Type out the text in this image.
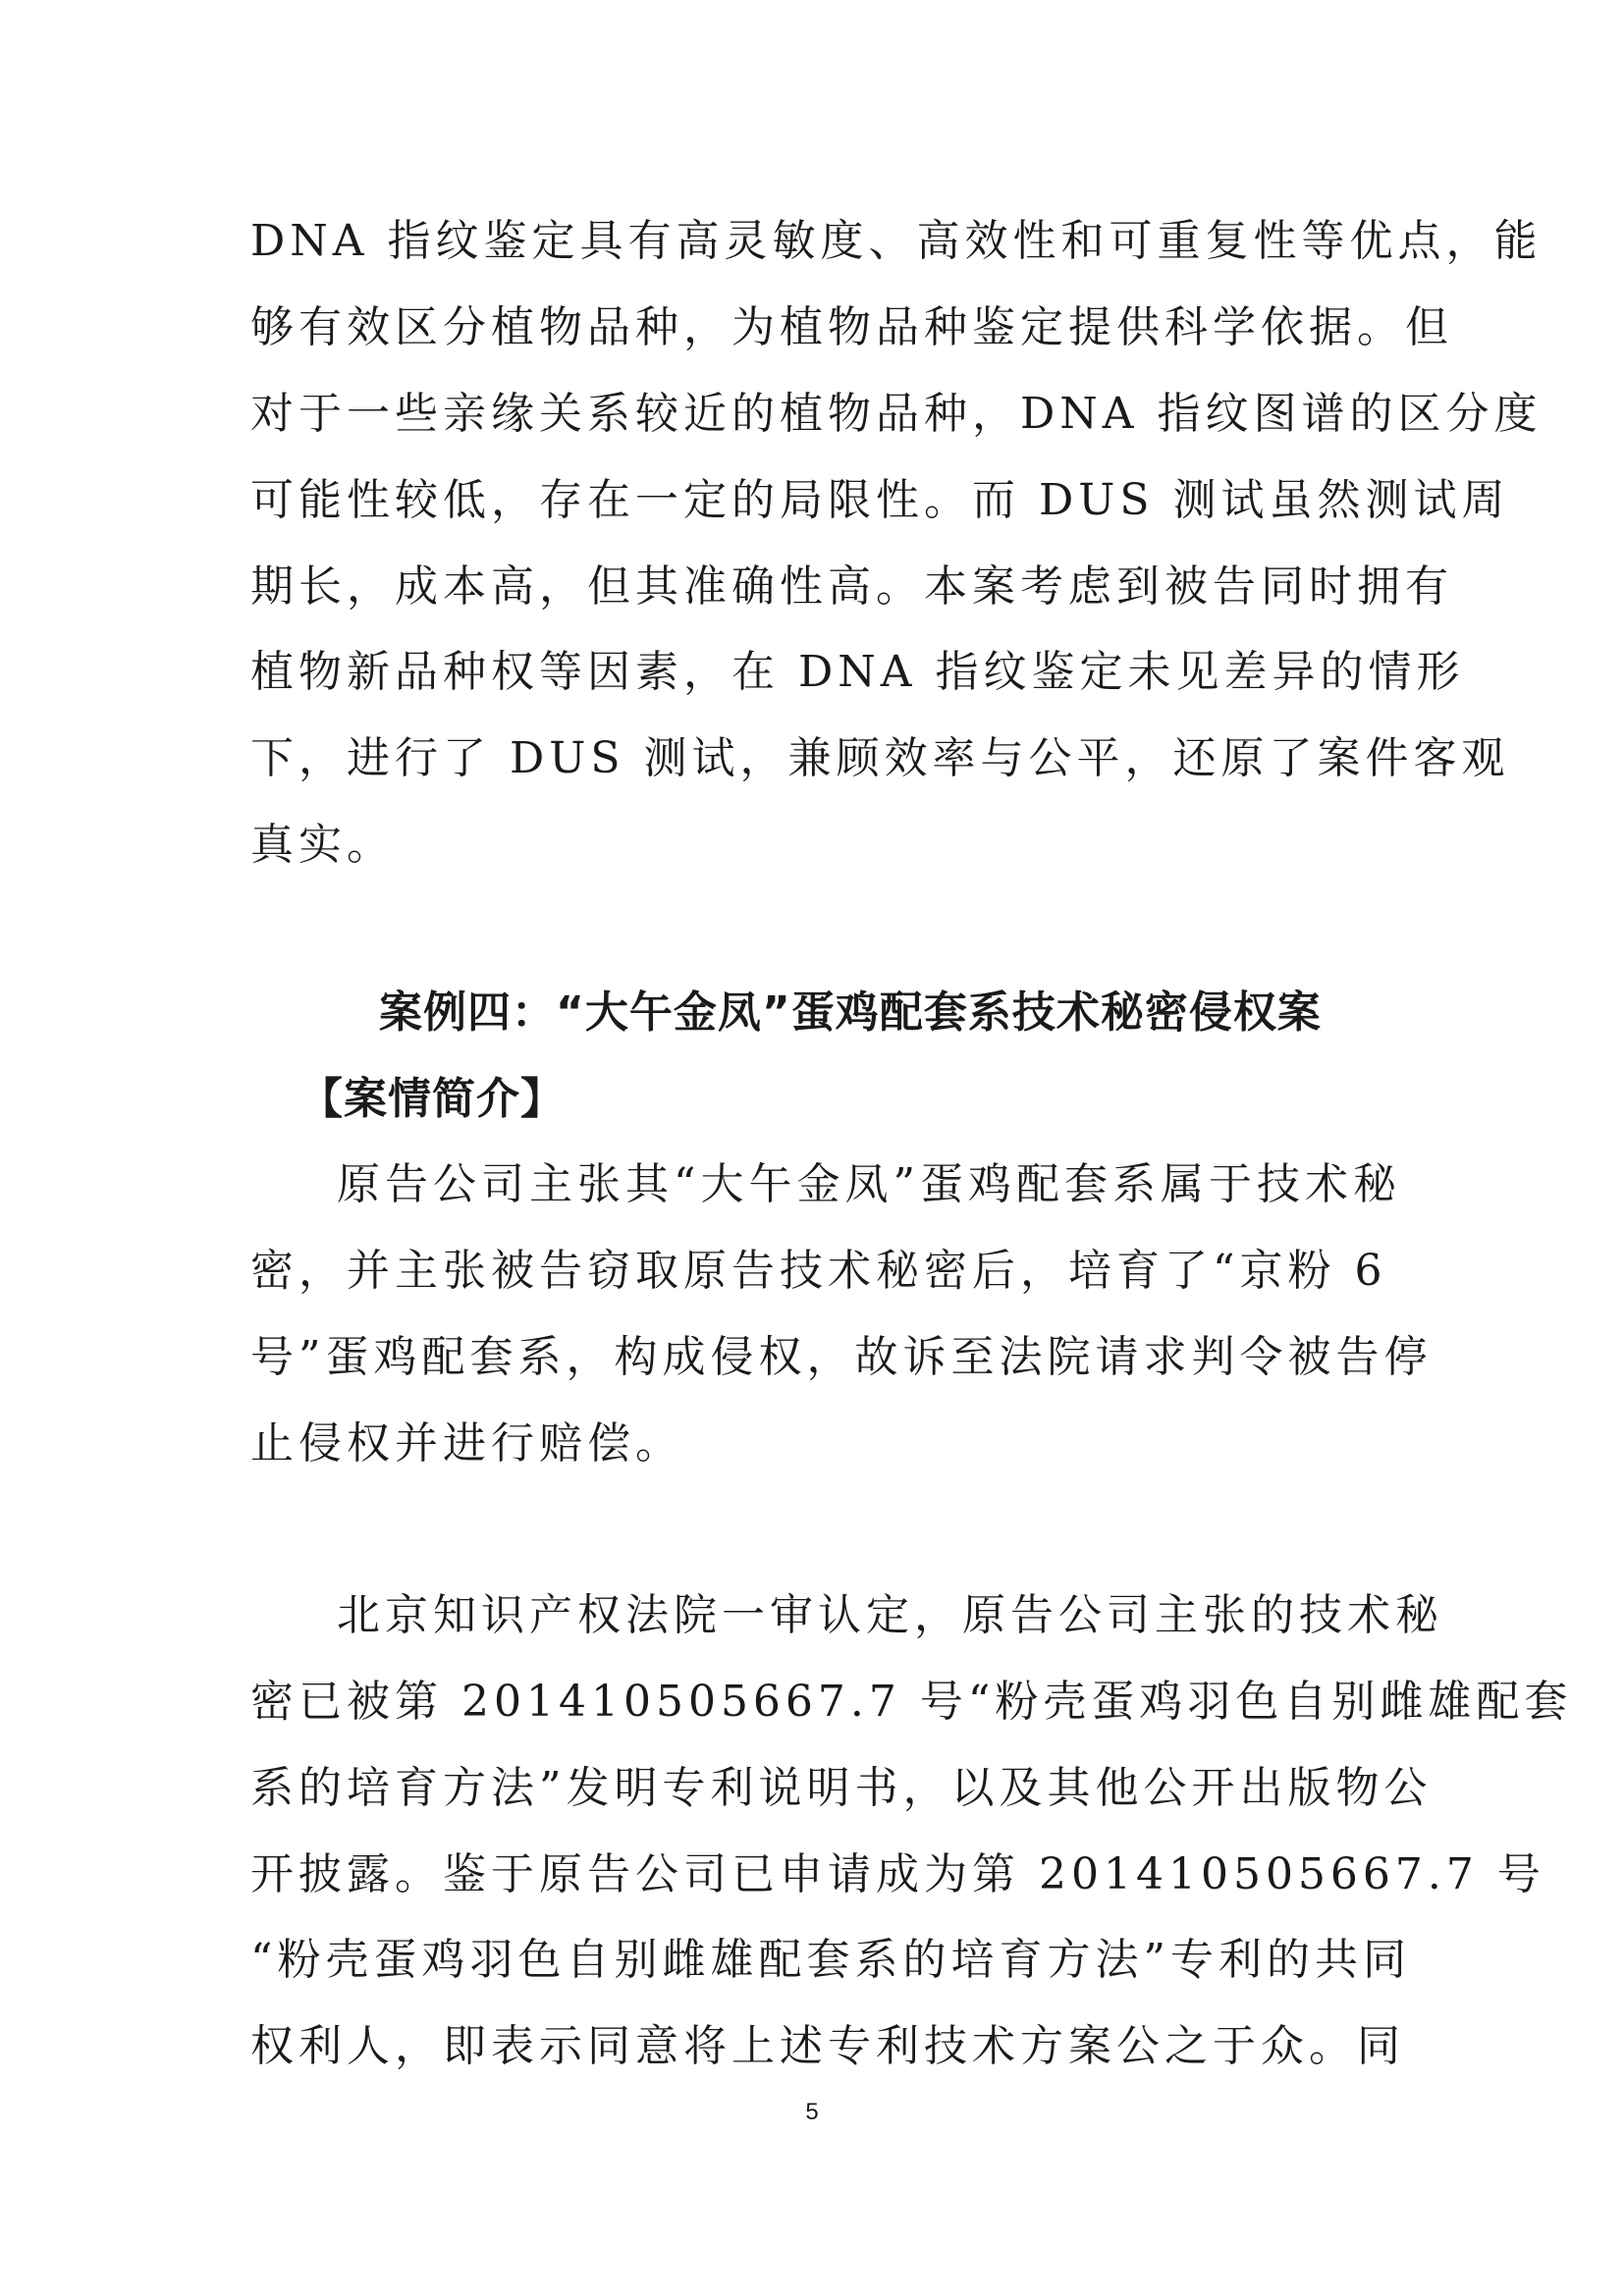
DNA 指纹鉴定具有高灵敏度、高效性和可重复性等优点，能
够有效区分植物品种，为植物品种鉴定提供科学依据。但
对于一些亲缘关系较近的植物品种，DNA 指纹图谱的区分度
可能性较低，存在一定的局限性。而 DUS 测试虽然测试周
期长，成本高，但其准确性高。本案考虑到被告同时拥有
植物新品种权等因素，在 DNA 指纹鉴定未见差异的情形
下，进行了 DUS 测试，兼顾效率与公平，还原了案件客观
真实。
案例四：“大午金凤”蛋鸡配套系技术秘密侵权案
【案情简介】
原告公司主张其“大午金凤”蛋鸡配套系属于技术秘
密，并主张被告窃取原告技术秘密后，培育了“京粉 6
号”蛋鸡配套系，构成侵权，故诉至法院请求判令被告停
止侵权并进行赔偿。
北京知识产权法院一审认定，原告公司主张的技术秘
密已被第 201410505667.7 号“粉壳蛋鸡羽色自别雌雄配套
系的培育方法”发明专利说明书，以及其他公开出版物公
开披露。鉴于原告公司已申请成为第 201410505667.7 号
“粉壳蛋鸡羽色自别雌雄配套系的培育方法”专利的共同
权利人，即表示同意将上述专利技术方案公之于众。同
5
